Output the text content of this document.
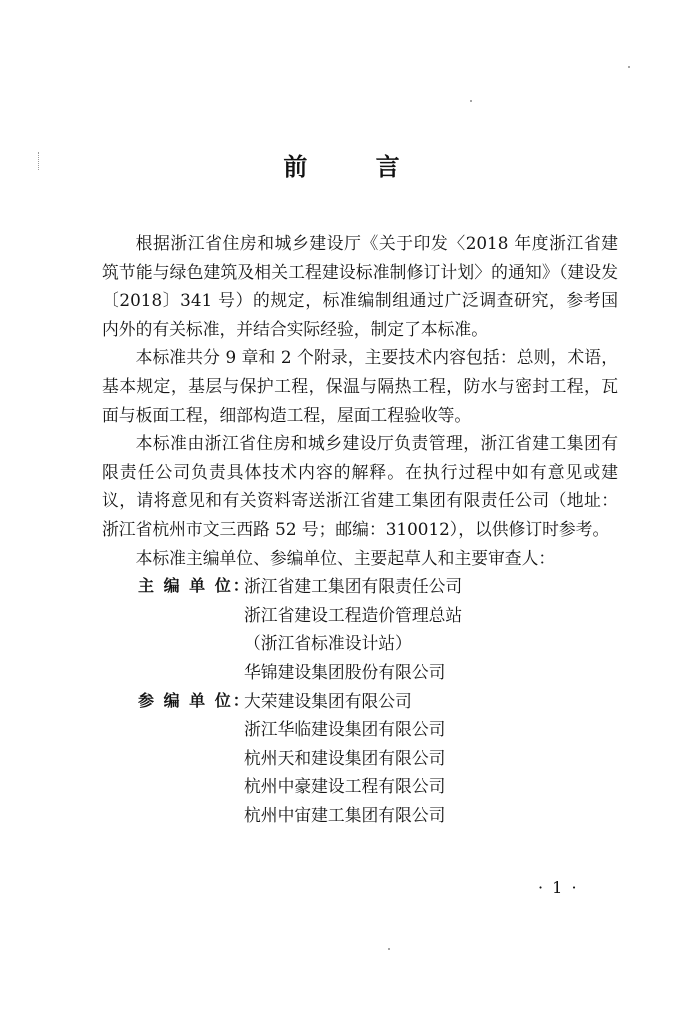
前 言

根据浙江省住房和城乡建设厅《关于印发〈2018 年度浙江省建筑节能与绿色建筑及相关工程建设标准制修订计划〉的通知》（建设发〔2018〕341 号）的规定，标准编制组通过广泛调查研究，参考国内外的有关标准，并结合实际经验，制定了本标准。

本标准共分 9 章和 2 个附录，主要技术内容包括：总则，术语，基本规定，基层与保护工程，保温与隔热工程，防水与密封工程，瓦面与板面工程，细部构造工程，屋面工程验收等。

本标准由浙江省住房和城乡建设厅负责管理，浙江省建工集团有限责任公司负责具体技术内容的解释。在执行过程中如有意见或建议，请将意见和有关资料寄送浙江省建工集团有限责任公司（地址：浙江省杭州市文三西路 52 号；邮编：310012），以供修订时参考。

本标准主编单位、参编单位、主要起草人和主要审查人：

主 编 单 位：
浙江省建工集团有限责任公司
浙江省建设工程造价管理总站
（浙江省标准设计站）
华锦建设集团股份有限公司
参 编 单 位：
大荣建设集团有限公司
浙江华临建设集团有限公司
杭州天和建设集团有限公司
杭州中豪建设工程有限公司
杭州中宙建工集团有限公司
· 1 ·
